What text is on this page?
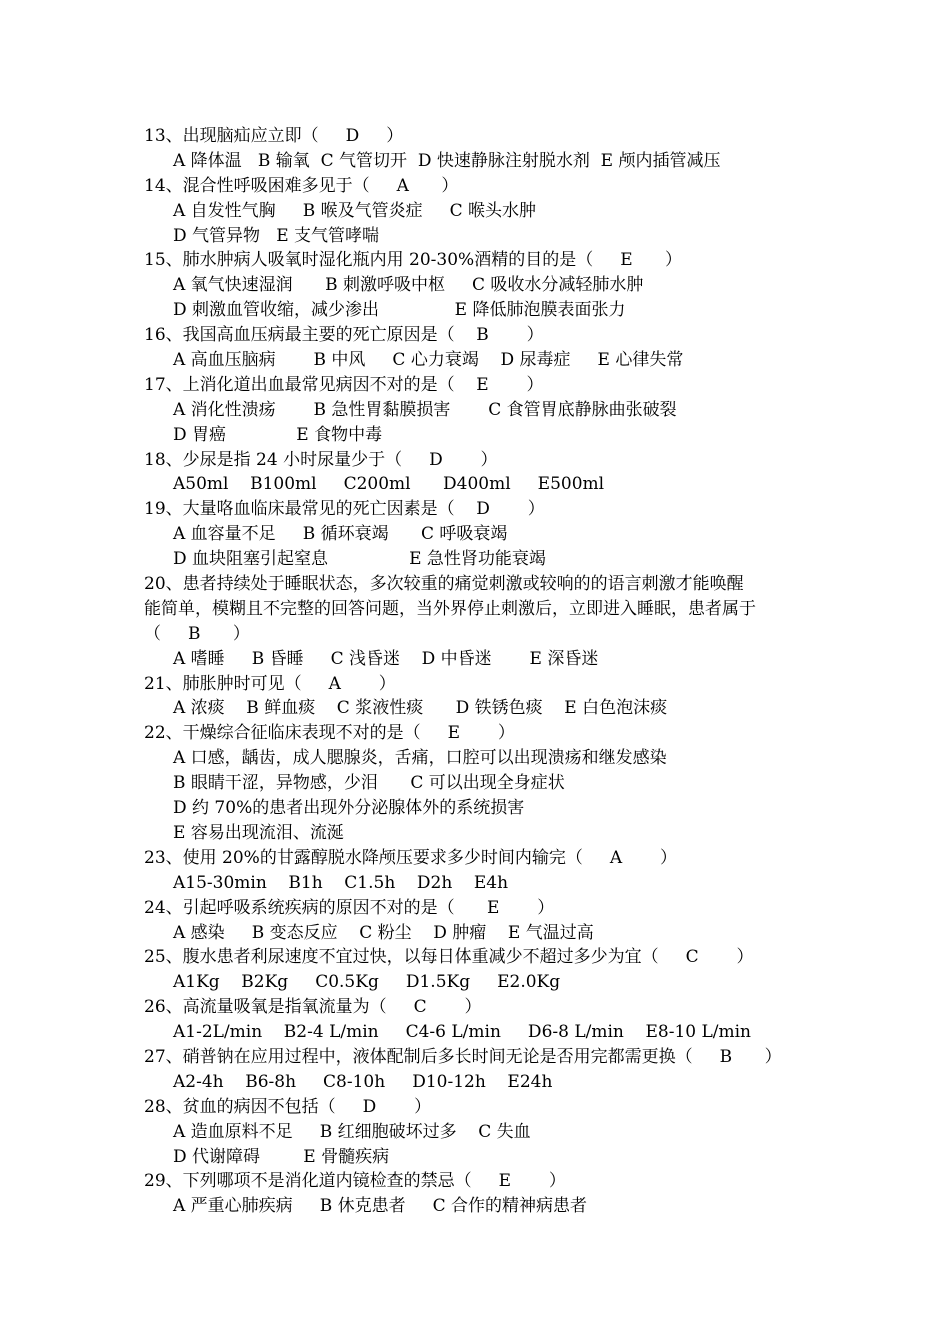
13、出现脑疝应立即（     D     ）
A 降体温   B 输氧  C 气管切开  D 快速静脉注射脱水剂  E 颅内插管减压
14、混合性呼吸困难多见于（     A      ）
A 自发性气胸     B 喉及气管炎症     C 喉头水肿
D 气管异物   E 支气管哮喘
15、肺水肿病人吸氧时湿化瓶内用 20-30%酒精的目的是（     E      ）
A 氧气快速湿润      B 刺激呼吸中枢     C 吸收水分减轻肺水肿
D 刺激血管收缩，减少渗出              E 降低肺泡膜表面张力
16、我国高血压病最主要的死亡原因是（    B       ）
A 高血压脑病       B 中风     C 心力衰竭    D 尿毒症     E 心律失常
17、上消化道出血最常见病因不对的是（    E       ）
A 消化性溃疡       B 急性胃黏膜损害       C 食管胃底静脉曲张破裂
D 胃癌             E 食物中毒
18、少尿是指 24 小时尿量少于（     D       ）
A50ml    B100ml     C200ml      D400ml     E500ml
19、大量咯血临床最常见的死亡因素是（    D       ）
A 血容量不足     B 循环衰竭      C 呼吸衰竭
D 血块阻塞引起窒息               E 急性肾功能衰竭
20、患者持续处于睡眠状态，多次较重的痛觉刺激或较响的的语言刺激才能唤醒
能简单，模糊且不完整的回答问题，当外界停止刺激后，立即进入睡眠，患者属于
（     B      ）
A 嗜睡     B 昏睡     C 浅昏迷    D 中昏迷       E 深昏迷
21、肺胀肿时可见（     A       ）
A 浓痰    B 鲜血痰    C 浆液性痰      D 铁锈色痰    E 白色泡沫痰
22、干燥综合征临床表现不对的是（     E       ）
A 口感，龋齿，成人腮腺炎，舌痛，口腔可以出现溃疡和继发感染
B 眼睛干涩，异物感，少泪      C 可以出现全身症状
D 约 70%的患者出现外分泌腺体外的系统损害
E 容易出现流泪、流涎
23、使用 20%的甘露醇脱水降颅压要求多少时间内输完（     A       ）
A15-30min    B1h    C1.5h    D2h    E4h
24、引起呼吸系统疾病的原因不对的是（      E       ）
A 感染     B 变态反应    C 粉尘    D 肿瘤    E 气温过高
25、腹水患者利尿速度不宜过快，以每日体重减少不超过多少为宜（     C       ）
A1Kg    B2Kg     C0.5Kg     D1.5Kg     E2.0Kg
26、高流量吸氧是指氧流量为（     C       ）
A1-2L/min    B2-4 L/min     C4-6 L/min     D6-8 L/min    E8-10 L/min
27、硝普钠在应用过程中，液体配制后多长时间无论是否用完都需更换（     B      ）
A2-4h    B6-8h     C8-10h     D10-12h    E24h
28、贫血的病因不包括（     D       ）
A 造血原料不足     B 红细胞破坏过多    C 失血
D 代谢障碍        E 骨髓疾病
29、下列哪项不是消化道内镜检查的禁忌（     E       ）
A 严重心肺疾病     B 休克患者     C 合作的精神病患者
